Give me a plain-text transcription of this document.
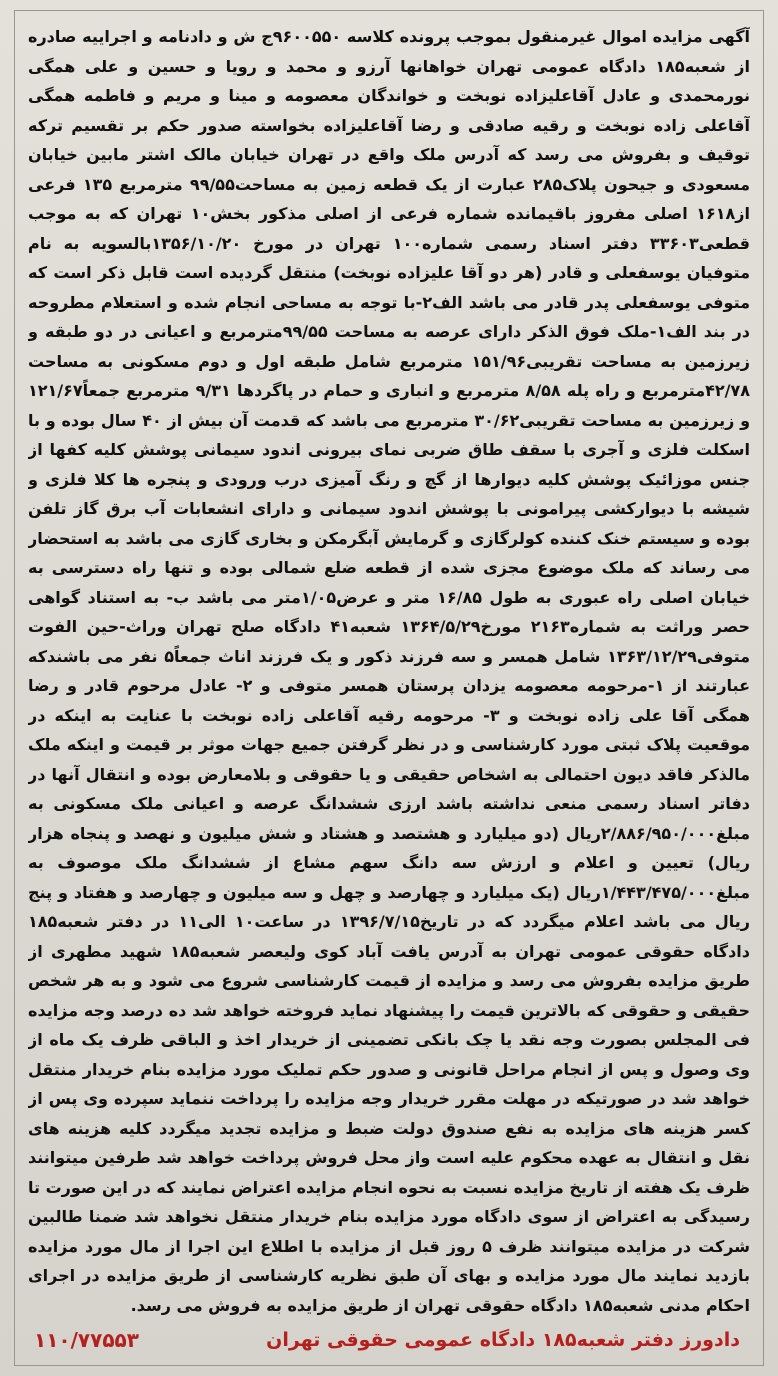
آگهی مزایده اموال غیرمنقول بموجب پرونده کلاسه ۹۶۰۰۵۵۰ج ش و دادنامه و اجراییه صادره از شعبه۱۸۵ دادگاه عمومی تهران خواهانها آرزو و محمد و رویا و حسین و علی همگی نورمحمدی و عادل آقاعلیزاده نوبخت و خواندگان معصومه و مینا و مریم و فاطمه همگی آقاعلی زاده نوبخت و رقیه صادقی و رضا آقاعلیزاده بخواسته صدور حکم بر تقسیم ترکه توقیف و بفروش می رسد که آدرس ملک واقع در تهران خیابان مالک اشتر مابین خیابان مسعودی و جیحون پلاک۲۸۵ عبارت از یک قطعه زمین به مساحت۹۹/۵۵ مترمربع ۱۳۵ فرعی از۱۶۱۸ اصلی مفروز باقیمانده شماره فرعی از اصلی مذکور بخش۱۰ تهران که به موجب قطعی۳۳۶۰۳ دفتر اسناد رسمی شماره۱۰۰ تهران در مورخ ۱۳۵۶/۱۰/۲۰بالسویه به نام متوفیان یوسفعلی و قادر (هر دو آقا علیزاده نوبخت) منتقل گردیده است قابل ذکر است که متوفی یوسفعلی پدر قادر می باشد الف۲-با توجه به مساحی انجام شده و استعلام مطروحه در بند الف۱-ملک فوق الذکر دارای عرصه به مساحت ۹۹/۵۵مترمربع و اعیانی در دو طبقه و زیرزمین به مساحت تقریبی۱۵۱/۹۶ مترمربع شامل طبقه اول و دوم مسکونی به مساحت ۴۲/۷۸مترمربع و راه پله ۸/۵۸ مترمربع و انباری و حمام در پاگردها ۹/۳۱ مترمربع جمعاً۱۲۱/۶۷ و زیرزمین به مساحت تقریبی۳۰/۶۲ مترمربع می باشد که قدمت آن بیش از ۴۰ سال بوده و با اسکلت فلزی و آجری با سقف طاق ضربی نمای بیرونی اندود سیمانی پوشش کلیه کفها از جنس موزائیک پوشش کلیه دیوارها از گچ و رنگ آمیزی درب ورودی و پنجره ها کلا فلزی و شیشه با دیوارکشی پیرامونی با پوشش اندود سیمانی و دارای انشعابات آب برق گاز تلفن بوده و سیستم خنک کننده کولرگازی و گرمایش آبگرمکن و بخاری گازی می باشد به استحضار می رساند که ملک موضوع مجزی شده از قطعه ضلع شمالی بوده و تنها راه دسترسی به خیابان اصلی راه عبوری به طول ۱۶/۸۵ متر و عرض۱/۰۵متر می باشد ب- به استناد گواهی حصر وراثت به شماره۲۱۶۳ مورخ۱۳۶۴/۵/۲۹ شعبه۴۱ دادگاه صلح تهران وراث-حین الفوت متوفی۱۳۶۳/۱۲/۲۹ شامل همسر و سه فرزند ذکور و یک فرزند اناث جمعاً۵ نفر می باشندکه عبارتند از ۱-مرحومه معصومه یزدان پرستان همسر متوفی و ۲- عادل مرحوم قادر و رضا همگی آقا علی زاده نوبخت و ۳- مرحومه رقیه آقاعلی زاده نوبخت با عنایت به اینکه در موقعیت پلاک ثبتی مورد کارشناسی و در نظر گرفتن جمیع جهات موثر بر قیمت و اینکه ملک مالذکر فاقد دیون احتمالی به اشخاص حقیقی و یا حقوقی و بلامعارض بوده و انتقال آنها در دفاتر اسناد رسمی منعی نداشته باشد ارزی ششدانگ عرصه و اعیانی ملک مسکونی به مبلغ۲/۸۸۶/۹۵۰/۰۰۰ریال (دو میلیارد و هشتصد و هشتاد و شش میلیون و نهصد و پنجاه هزار ریال) تعیین و اعلام و ارزش سه دانگ سهم مشاع از ششدانگ ملک موصوف به مبلغ۱/۴۴۳/۴۷۵/۰۰۰ریال (یک میلیارد و چهارصد و چهل و سه میلیون و چهارصد و هفتاد و پنج ریال می باشد اعلام میگردد که در تاریخ۱۳۹۶/۷/۱۵ در ساعت۱۰ الی۱۱ در دفتر شعبه۱۸۵ دادگاه حقوقی عمومی تهران به آدرس یافت آباد کوی ولیعصر شعبه۱۸۵ شهید مطهری از طریق مزایده بفروش می رسد و مزایده از قیمت کارشناسی شروع می شود و به هر شخص حقیقی و حقوقی که بالاترین قیمت را پیشنهاد نماید فروخته خواهد شد ده درصد وجه مزایده فی المجلس بصورت وجه نقد یا چک بانکی تضمینی از خریدار اخذ و الباقی ظرف یک ماه از وی وصول و پس از انجام مراحل قانونی و صدور حکم تملیک مورد مزایده بنام خریدار منتقل خواهد شد در صورتیکه در مهلت مقرر خریدار وجه مزایده را پرداخت ننماید سپرده وی پس از کسر هزینه های مزایده به نفع صندوق دولت ضبط و مزایده تجدید میگردد کلیه هزینه های نقل و انتقال به عهده محکوم علیه است واز محل فروش پرداخت خواهد شد طرفین میتوانند ظرف یک هفته از تاریخ مزایده نسبت به نحوه انجام مزایده اعتراض نمایند که در این صورت تا رسیدگی به اعتراض از سوی دادگاه مورد مزایده بنام خریدار منتقل نخواهد شد ضمنا طالبین شرکت در مزایده میتوانند ظرف ۵ روز قبل از مزایده با اطلاع این اجرا از مال مورد مزایده بازدید نمایند مال مورد مزایده و بهای آن طبق نظریه کارشناسی از طریق مزایده در اجرای احکام مدنی شعبه۱۸۵ دادگاه حقوقی تهران از طریق مزایده به فروش می رسد.
دادورز دفتر شعبه۱۸۵ دادگاه عمومی حقوقی تهران
۱۱۰/۷۷۵۵۳
